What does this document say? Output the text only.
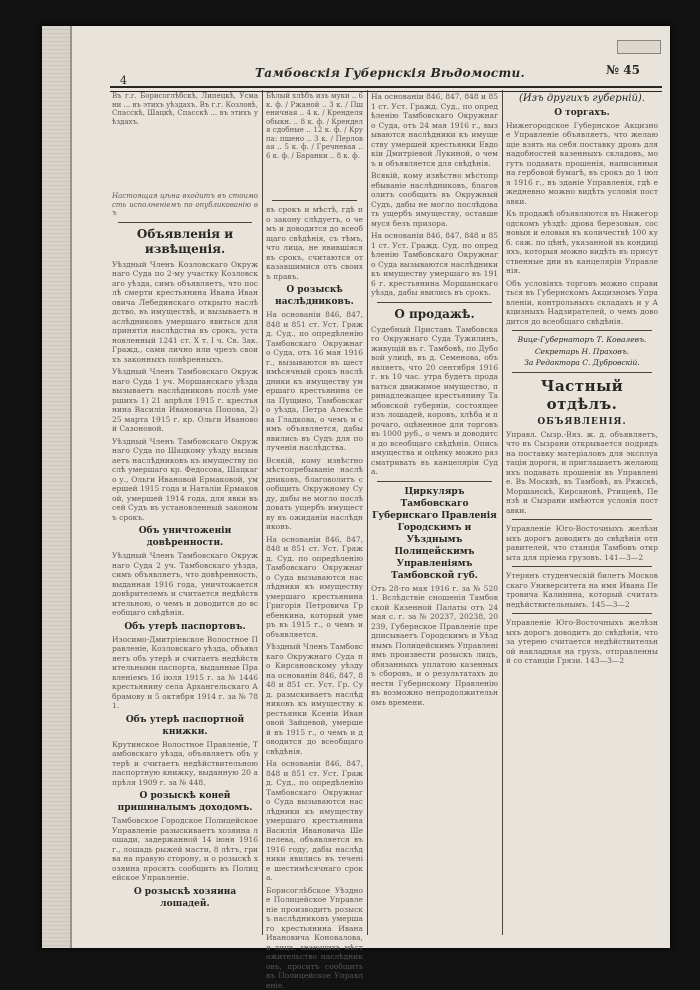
4
Тамбовскія Губернскія Вѣдомости.	№ 45
Въ г.г. Борисоглѣбскѣ, Липецкѣ, Усмани ... въ этихъ уѣздахъ. Въ г.г. Козловѣ, Спасскѣ, Шацкѣ, Спасскѣ ... въ этихъ уѣздахъ.
Настоящая цѣна входитъ въ стоимость исполненіемъ по опубликованію въ
Объявленія и извѣщенія.
Уѣздный Членъ Козловскаго Окружнаго Суда по 2-му участку Козловскаго уѣзда, симъ объявляетъ, что послѣ смерти крестьянина Ивана Ивановича Лебединскаго открыто наслѣдство, въ имуществѣ, и вызываетъ наслѣдниковъ умершаго явиться для принятія наслѣдства въ срокъ, установленный 1241 ст. Х т. I ч. Св. Зак. Гражд., сами лично или чрезъ своихъ законныхъ повѣренныхъ.
Уѣздный Членъ Тамбовскаго Окружнаго Суда 1 уч. Моршанскаго уѣзда вызываетъ наслѣдниковъ послѣ умершихъ 1) 21 апрѣля 1915 г. крестьянина Василія Ивановича Попова, 2) 25 марта 1915 г. кр. Ольги Ивановой Сазоновой.
Уѣздный Членъ Тамбовскаго Окружнаго Суда по Шацкому уѣзду вызываетъ наслѣдниковъ къ имуществу послѣ умершаго кр. Федосова, Шацкаго у., Ольги Ивановой Ермаковой, умершей 1915 года и Наталіи Ермаковой, умершей 1914 года, для явки въ сей Судъ въ установленный закономъ срокъ.
Объ уничтоженіи довѣренности.
Уѣздный Членъ Тамбовскаго Окружнаго Суда 2 уч. Тамбовскаго уѣзда, симъ объявляетъ, что довѣренность, выданная 1916 года, уничтожается довѣрителемъ и считается недѣйствительною, о чемъ и доводится до всеобщаго свѣдѣнія.
Объ утерѣ паспортовъ.
Изосимо-Дмитріевское Волостное Правленіе, Козловскаго уѣзда, объявляетъ объ утерѣ и считаетъ недѣйствительными паспорта, выданные Правленіемъ 16 іюля 1915 г. за № 1446 крестьянину села Архангельскаго Абрамову и 5 октября 1914 г. за № 781.
Объ утерѣ паспортной книжки.
Крутинское Волостное Правленіе, Тамбовскаго уѣзда, объявляетъ объ утерѣ и считаетъ недѣйствительною паспортную книжку, выданную 20 апрѣля 1909 г. за № 448.
О розыскѣ коней пришиналымъ доходомъ.
Тамбовское Городское Полицейское Управленіе разыскиваетъ хозяина лошади, задержанной 14 іюня 1916 г., лошадь рыжей масти, 8 лѣтъ, грива на правую сторону, и о розыскѣ хозяина просятъ сообщить въ Полицейское Управленіе.
О розыскѣ хозяина лошадей.
Бѣлый хлѣбъ изъ муки .. 6 к. ф. / Ржаной .. 3 к. / Пшеничная .. 4 к. / Кренделя обыкн. .. 8 к. ф. / Кренделя сдобные .. 12 к. ф. / Крупа: пшено .. 3 к. / Перловая .. 5 к. ф. / Гречневая .. 6 к. ф. / Баранки .. 8 к. ф.
въ срокъ и мѣстѣ, гдѣ по закону слѣдуетъ, о чемъ и доводится до всеобщаго свѣдѣнія, съ тѣмъ, что лица, не явившіяся въ срокъ, считаются отказавшимися отъ своихъ правъ.
О розыскѣ наслѣдниковъ.
На основаніи 846, 847, 848 и 851 ст. Уст. Гражд. Суд., по опредѣленію Тамбовскаго Окружнаго Суда, отъ 16 мая 1916 г., вызываются въ шестимѣсячный срокъ наслѣдники къ имуществу умершаго крестьянина села Пущино, Тамбовскаго уѣзда, Петра Алексѣева Гладкова, о чемъ и симъ объявляется, дабы явились въ Судъ для полученія наслѣдства.
Всякій, кому извѣстно мѣстопребываніе наслѣдниковъ, благоволитъ сообщить Окружному Суду, дабы не могло послѣдовать ущербъ имуществу въ ожиданіи наслѣдниковъ.
На основаніи 846, 847, 848 и 851 ст. Уст. Гражд. Суд. по опредѣленію Тамбовскаго Окружнаго Суда вызываются наслѣдники къ имуществу умершаго крестьянина Григорія Петровича Гребенкина, который умеръ въ 1915 г., о чемъ и объявляется.
Уѣздный Членъ Тамбовскаго Окружнаго Суда по Кирсановскому уѣзду на основаніи 846, 847, 848 и 851 ст. Уст. Гр. Суд. разыскиваетъ наслѣдниковъ къ имуществу крестьянки Ксеніи Ивановой Зайцевой, умершей въ 1915 г., о чемъ и доводится до всеобщаго свѣдѣнія.
На основаніи 846, 847, 848 и 851 ст. Уст. Гражд. Суд., по опредѣленію Тамбовскаго Окружнаго Суда вызываются наслѣдники къ имуществу умершаго крестьянина Василія Ивановича Шепелева, объявляется въ 1916 году, дабы наслѣдники явились въ теченіе шестимѣсячнаго срока.
Борисоглѣбское Уѣздное Полицейское Управленіе производитъ розыскъ наслѣдниковъ умершаго крестьянина Ивана Ивановича Коновалова, и лицъ, знающихъ мѣстожительство наслѣдниковъ, проситъ сообщить въ Полицейское Управленіе.
На основаніи 846, 847, 848 и 851 ст. Уст. Гражд. Суд., по опредѣленію Тамбовскаго Окружнаго Суда, отъ 24 мая 1916 г., вызываются наслѣдники къ имуществу умершей крестьянки Евдокіи Дмитріевой Лукиной, о чемъ и объявляется для свѣдѣнія.
Всякій, кому извѣстно мѣстопребываніе наслѣдниковъ, благоволитъ сообщить въ Окружный Судъ, дабы не могло послѣдовать ущербъ имуществу, оставшемуся безъ призора.
На основаніи 846, 847, 848 и 851 ст. Уст. Гражд. Суд. по опредѣленію Тамбовскаго Окружнаго Суда вызываются наслѣдники къ имуществу умершаго въ 1916 г. крестьянина Моршанскаго уѣзда, дабы явились въ срокъ.
О продажѣ.
Судебный Приставъ Тамбовскаго Окружнаго Суда Тужилинъ, живущій въ г. Тамбовѣ, по Дубовой улицѣ, въ д. Семенова, объявляетъ, что 20 сентября 1916 г. въ 10 час. утра будетъ продаваться движимое имущество, принадлежащее крестьянину Тамбовской губерніи, состоящее изъ лошадей, коровъ, хлѣба и прочаго, оцѣненное для торговъ въ 1000 руб., о чемъ и доводится до всеобщаго свѣдѣнія. Опись имущества и оцѣнку можно разсматривать въ канцеляріи Суда.
Циркуляръ Тамбовскаго Губернскаго Правленія Городскимъ и Уѣзднымъ Полицейскимъ Управленіямъ Тамбовской губ.
Отъ 28-го мая 1916 г. за № 5201. Вслѣдствіе сношенія Тамбовской Казенной Палаты отъ 24 мая с. г. за № 20237, 20238, 20239, Губернское Правленіе предписываетъ Городскимъ и Уѣзднымъ Полицейскимъ Управленіямъ произвести розыскъ лицъ, обязанныхъ уплатою казенныхъ сборовъ, и о результатахъ донести Губернскому Правленію въ возможно непродолжительномъ времени.
(Изъ другихъ губерній).
О торгахъ.
Нижегородское Губернское Акцизное Управленіе объявляетъ, что желающіе взять на себя поставку дровъ для надобностей казенныхъ складовъ, могутъ подавать прошенія, написанныя на гербовой бумагѣ, въ срокъ до 1 іюля 1916 г., въ зданіе Управленія, гдѣ ежедневно можно видѣть условія поставки.
Къ продажѣ объявляются въ Нижегородскомъ уѣздѣ: дрова березовыя, сосновыя и еловыя въ количествѣ 100 куб. саж. по цѣнѣ, указанной въ кондиціяхъ, которыя можно видѣть въ присутственные дни въ канцеляріи Управленія.
Объ условіяхъ торговъ можно справиться въ Губернскомъ Акцизномъ Управленіи, контрольныхъ складахъ и у Акцизныхъ Надзирателей, о чемъ доводится до всеобщаго свѣдѣнія.
Вице-Губернаторъ Т. Ковалевъ.
Секретарь Н. Праховъ.
За Редактора С. Дубровскій.
Частный отдѣлъ.
ОБЪЯВЛЕНІЯ.
Управл. Сызр.-Вяз. ж. д. объявляетъ, что въ Сызрани открывается подрядъ на поставку матеріаловъ для эксплуатаціи дороги, и приглашаетъ желающихъ подавать прошенія въ Управленіе. Въ Москвѣ, въ Тамбовѣ, въ Ряжскѣ, Моршанскѣ, Кирсановѣ, Ртищевѣ, Пензѣ и Сызрани имѣются условія поставки.
Управленіе Юго-Восточныхъ желѣзныхъ дорогъ доводитъ до свѣдѣнія отправителей, что станція Тамбовъ открыта для пріема грузовъ. 141—3—2
Утерянъ студенческій билетъ Московскаго Университета на имя Ивана Петровича Калинина, который считать недѣйствительнымъ. 145—3—2
Управленіе Юго-Восточныхъ желѣзныхъ дорогъ доводитъ до свѣдѣнія, что за утерею считается недѣйствительной накладная на грузъ, отправленный со станціи Грязи. 143—3—2
